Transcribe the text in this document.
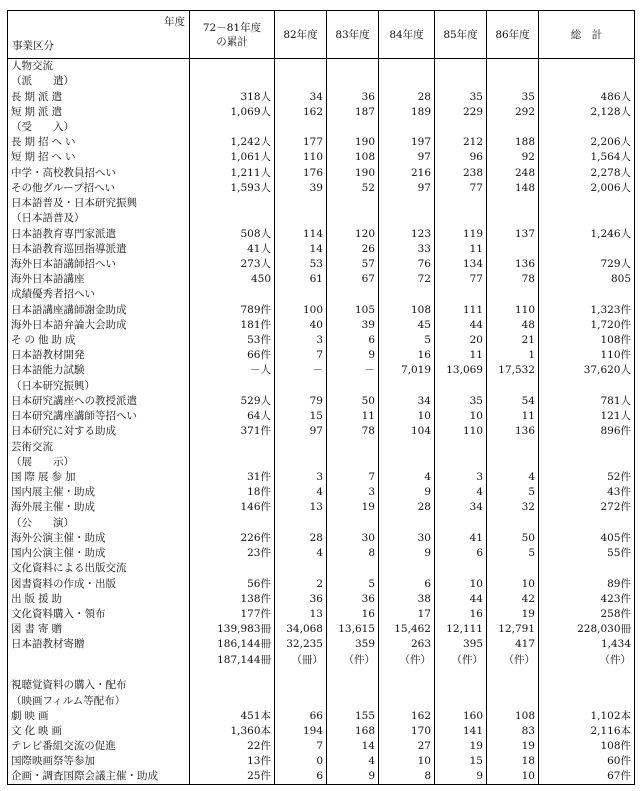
年度
事業区分	72－81年度の累計	82年度	83年度	84年度	85年度	86年度	総　計
人物交流							
（派　　遣）							
長期派遣	318人	34	36	28	35	35	486人
短期派遣	1,069人	162	187	189	229	292	2,128人
（受　　入）							
長期招へい	1,242人	177	190	197	212	188	2,206人
短期招へい	1,061人	110	108	97	96	92	1,564人
中学・高校教員招へい	1,211人	176	190	216	238	248	2,278人
その他グループ招へい	1,593人	39	52	97	77	148	2,006人
日本語普及・日本研究振興							
（日本語普及）							
日本語教育専門家派遣	508人	114	120	123	119	137	1,246人
日本語教育巡回指導派遣	41人	14	26	33	11		
海外日本語講師招へい	273人	53	57	76	134	136	729人
海外日本語講座	450	61	67	72	77	78	805
成績優秀者招へい							
日本語講座講師謝金助成	789件	100	105	108	111	110	1,323件
海外日本語弁論大会助成	181件	40	39	45	44	48	1,720件
その他助成	53件	3	6	5	20	21	108件
日本語教材開発	66件	7	9	16	11	1	110件
日本語能力試験	－人	－	－	7,019	13,069	17,532	37,620人
（日本研究振興）							
日本研究講座への教授派遣	529人	79	50	34	35	54	781人
日本研究講座講師等招へい	64人	15	11	10	10	11	121人
日本研究に対する助成	371件	97	78	104	110	136	896件
芸術交流							
（展　　示）							
国際展参加	31件	3	7	4	3	4	52件
国内展主催・助成	18件	4	3	9	4	5	43件
海外展主催・助成	146件	13	19	28	34	32	272件
（公　　演）							
海外公演主催・助成	226件	28	30	30	41	50	405件
国内公演主催・助成	23件	4	8	9	6	5	55件
文化資料による出版交流							
図書資料の作成・出版	56件	2	5	6	10	10	89件
出版援助	138件	36	36	38	44	42	423件
文化資料購入・領布	177件	13	16	17	16	19	258件
図書寄贈	139,983冊	34,068	13,615	15,462	12,111	12,791	228,030冊
日本語教材寄贈	186,144冊	32,235	359	263	395	417	1,434
	187,144冊	（冊）	（件）	（件）	（件）	（件）	（件）

視聴覚資料の購入・配布							
（映画フィルム等配布）							
劇映画	451本	66	155	162	160	108	1,102本
文化映画	1,360本	194	168	170	141	83	2,116本
テレビ番組交流の促進	22件	7	14	27	19	19	108件
国際映画祭等参加	13件	0	4	10	15	18	60件
企画・調査国際会議主催・助成	25件	6	9	8	9	10	67件
